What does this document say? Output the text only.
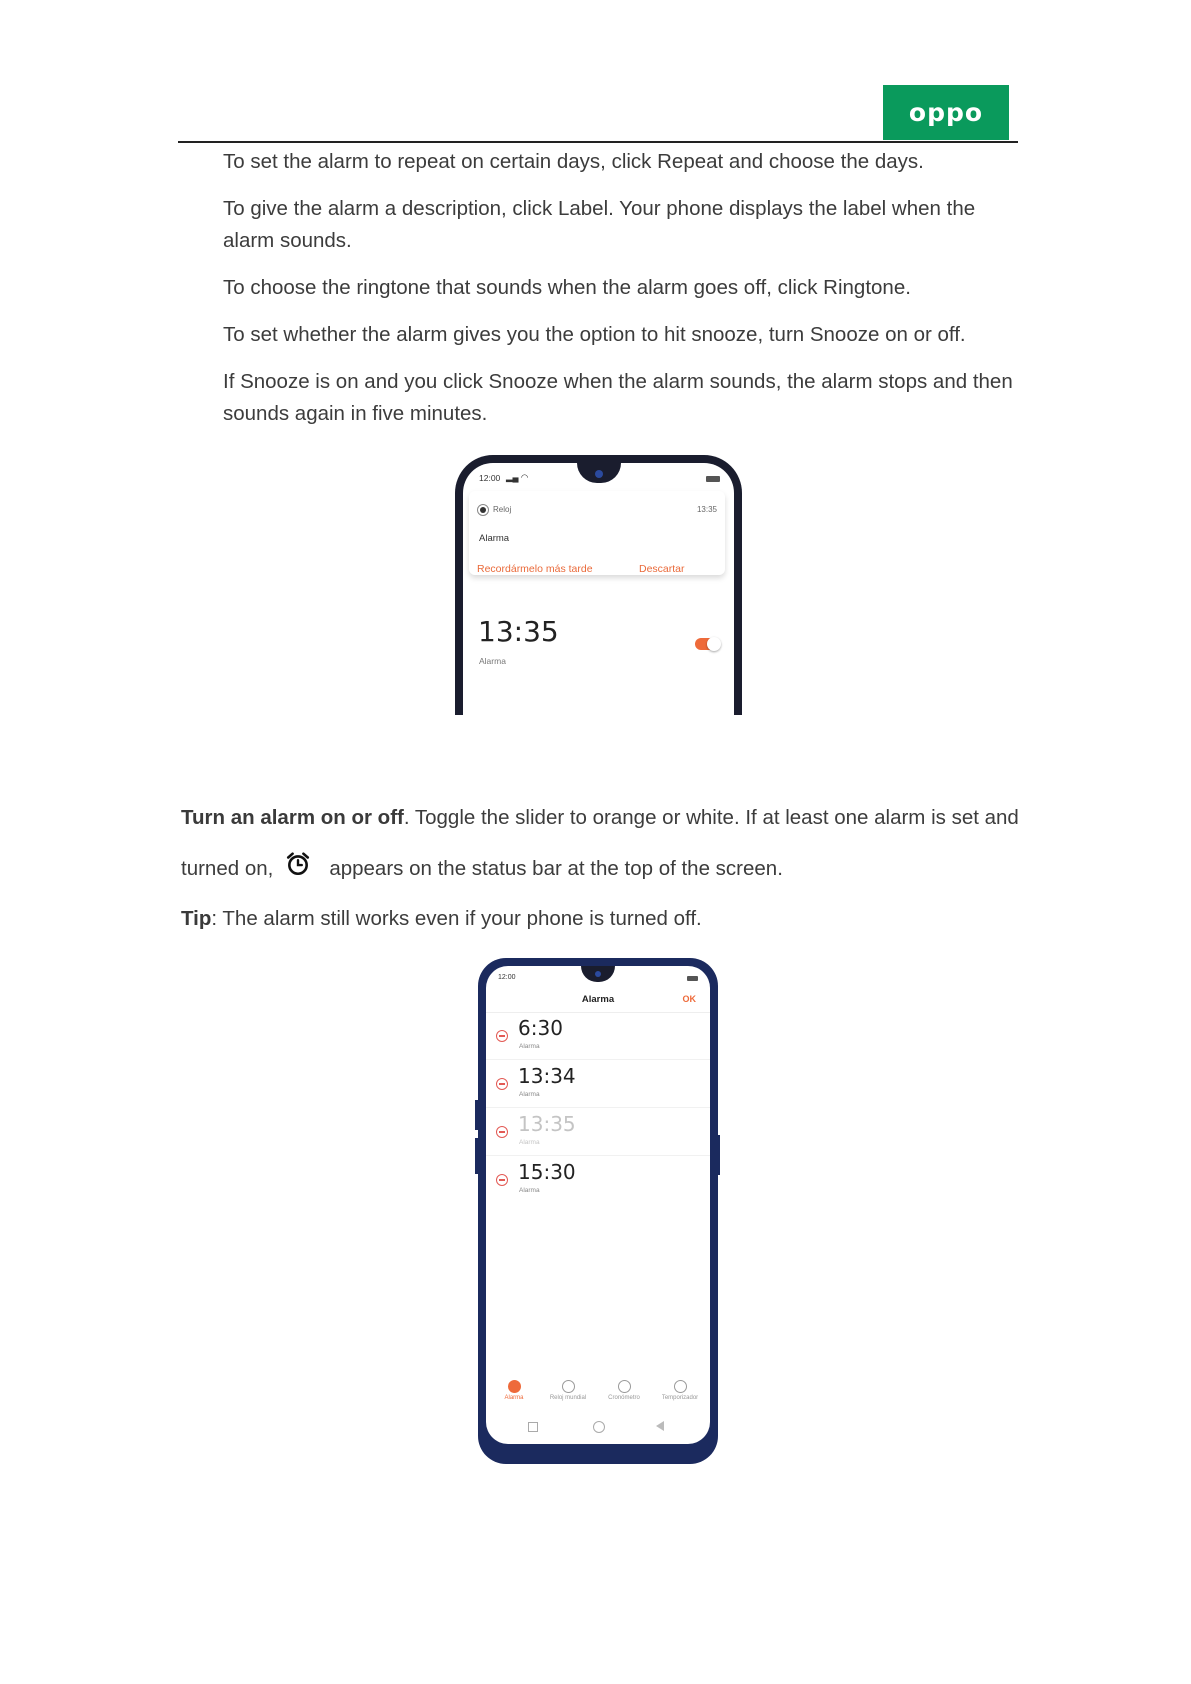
oppo

To set the alarm to repeat on certain days, click Repeat and choose the days.

To give the alarm a description, click Label. Your phone displays the label when the alarm sounds.

To choose the ringtone that sounds when the alarm goes off, click Ringtone.

To set whether the alarm gives you the option to hit snooze, turn Snooze on or off.

If Snooze is on and you click Snooze when the alarm sounds, the alarm stops and then sounds again in five minutes.

12:00 ▂▄ ◠
Reloj	13:35
Alarma
Recordármelo más tarde	Descartar
13:35
Alarma

Turn an alarm on or off. Toggle the slider to orange or white. If at least one alarm is set and turned on,	appears on the status bar at the top of the screen.

Tip: The alarm still works even if your phone is turned off.

12:00
Alarma	OK
6:30
Alarma
13:34
Alarma
13:35
Alarma
15:30
Alarma
Alarma	Reloj mundial	Cronómetro	Temporizador
